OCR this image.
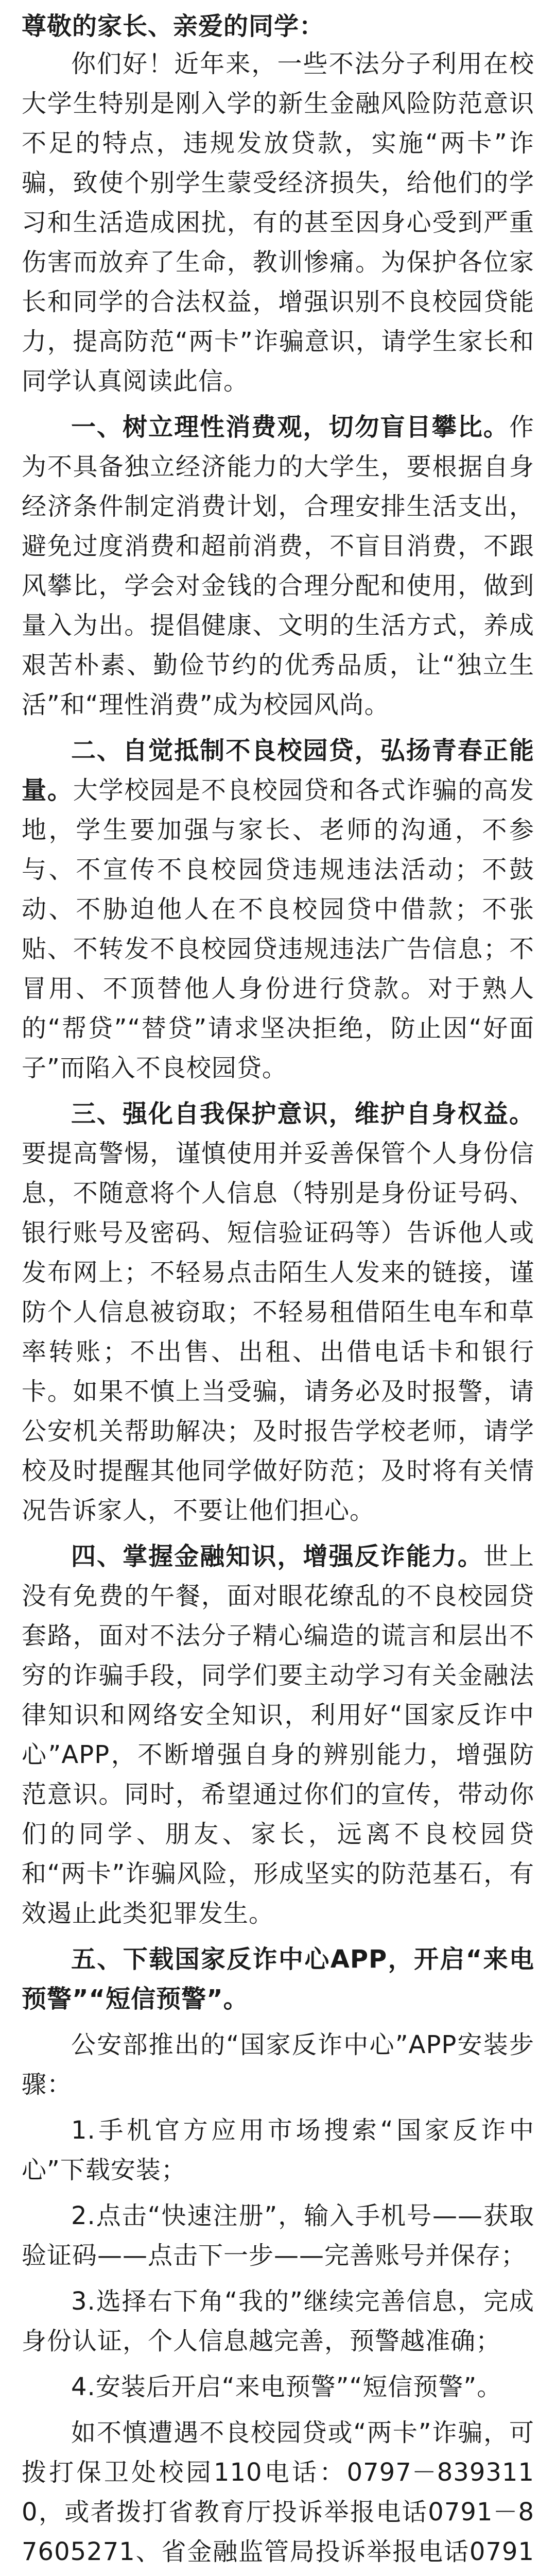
尊敬的家长、亲爱的同学：
你们好！近年来，一些不法分子利用在校大学生特别是刚入学的新生金融风险防范意识不足的特点，违规发放贷款，实施“两卡”诈骗，致使个别学生蒙受经济损失，给他们的学习和生活造成困扰，有的甚至因身心受到严重伤害而放弃了生命，教训惨痛。为保护各位家长和同学的合法权益，增强识别不良校园贷能力，提高防范“两卡”诈骗意识，请学生家长和同学认真阅读此信。
一、树立理性消费观，切勿盲目攀比。作为不具备独立经济能力的大学生，要根据自身经济条件制定消费计划，合理安排生活支出，避免过度消费和超前消费，不盲目消费，不跟风攀比，学会对金钱的合理分配和使用，做到量入为出。提倡健康、文明的生活方式，养成艰苦朴素、勤俭节约的优秀品质，让“独立生活”和“理性消费”成为校园风尚。
二、自觉抵制不良校园贷，弘扬青春正能量。大学校园是不良校园贷和各式诈骗的高发地，学生要加强与家长、老师的沟通，不参与、不宣传不良校园贷违规违法活动；不鼓动、不胁迫他人在不良校园贷中借款；不张贴、不转发不良校园贷违规违法广告信息；不冒用、不顶替他人身份进行贷款。对于熟人的“帮贷”“替贷”请求坚决拒绝，防止因“好面子”而陷入不良校园贷。
三、强化自我保护意识，维护自身权益。要提高警惕，谨慎使用并妥善保管个人身份信息，不随意将个人信息（特别是身份证号码、银行账号及密码、短信验证码等）告诉他人或发布网上；不轻易点击陌生人发来的链接，谨防个人信息被窃取；不轻易租借陌生电车和草率转账；不出售、出租、出借电话卡和银行卡。如果不慎上当受骗，请务必及时报警，请公安机关帮助解决；及时报告学校老师，请学校及时提醒其他同学做好防范；及时将有关情况告诉家人，不要让他们担心。
四、掌握金融知识，增强反诈能力。世上没有免费的午餐，面对眼花缭乱的不良校园贷套路，面对不法分子精心编造的谎言和层出不穷的诈骗手段，同学们要主动学习有关金融法律知识和网络安全知识，利用好“国家反诈中心”APP，不断增强自身的辨别能力，增强防范意识。同时，希望通过你们的宣传，带动你们的同学、朋友、家长，远离不良校园贷和“两卡”诈骗风险，形成坚实的防范基石，有效遏止此类犯罪发生。
五、下载国家反诈中心APP，开启“来电预警”“短信预警”。
公安部推出的“国家反诈中心”APP安装步骤：
1.手机官方应用市场搜索“国家反诈中心”下载安装；
2.点击“快速注册”，输入手机号——获取验证码——点击下一步——完善账号并保存；
3.选择右下角“我的”继续完善信息，完成身份认证，个人信息越完善，预警越准确；
4.安装后开启“来电预警”“短信预警”。
如不慎遭遇不良校园贷或“两卡”诈骗，可拨打保卫处校园110电话：0797－8393110，或者拨打省教育厅投诉举报电话0791－87605271、省金融监管局投诉举报电话0791
